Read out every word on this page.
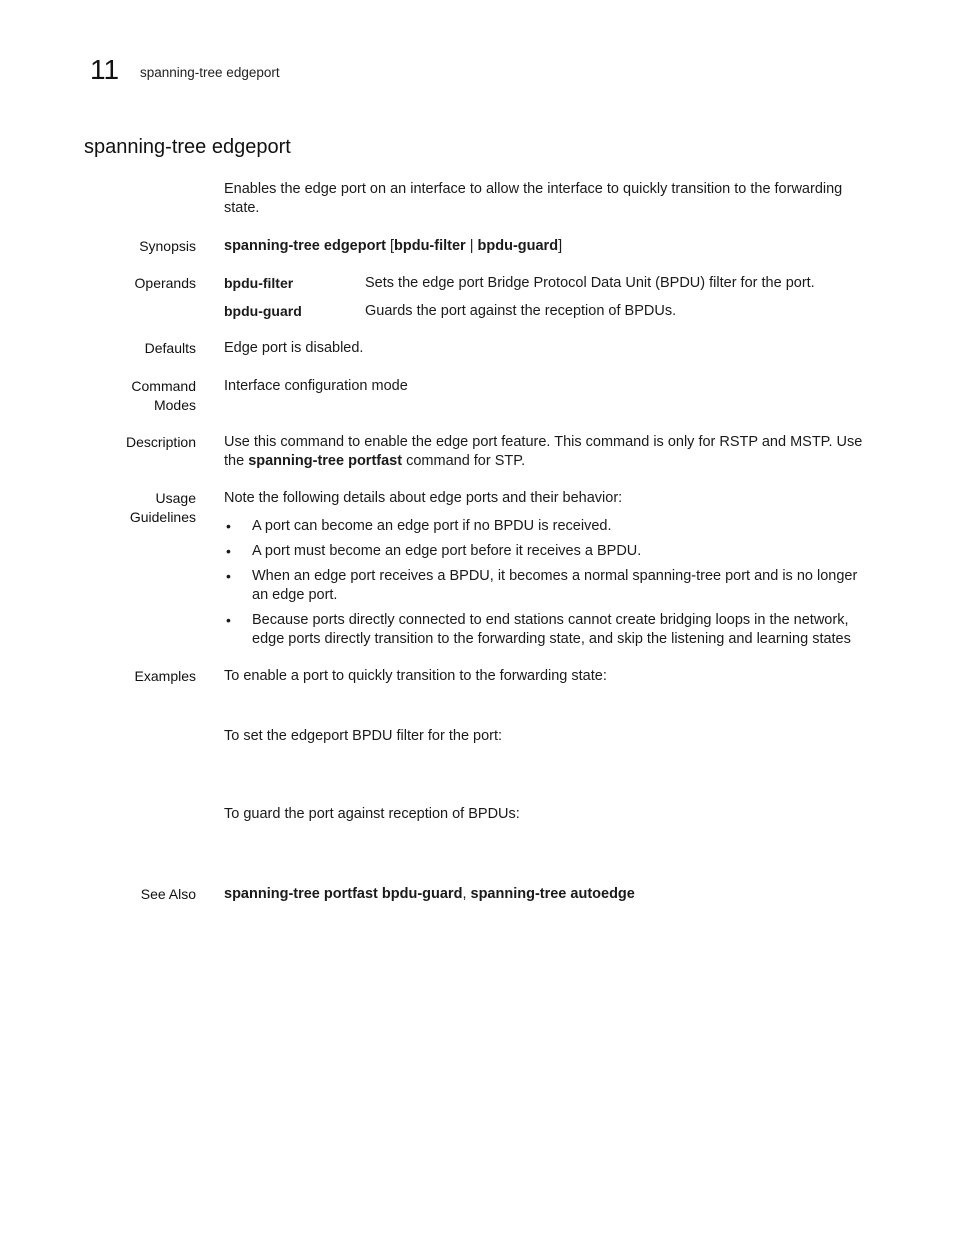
11 spanning-tree edgeport
spanning-tree edgeport
Enables the edge port on an interface to allow the interface to quickly transition to the forwarding state.
Synopsis spanning-tree edgeport [bpdu-filter | bpdu-guard]
Operands bpdu-filter	Sets the edge port Bridge Protocol Data Unit (BPDU) filter for the port.
bpdu-guard	Guards the port against the reception of BPDUs.
Defaults Edge port is disabled.
Command
Modes
Interface configuration mode
Description Use this command to enable the edge port feature. This command is only for RSTP and MSTP. Use
the spanning-tree portfast command for STP.
Usage
Guidelines
Note the following details about edge ports and their behavior:
• A port can become an edge port if no BPDU is received.
• A port must become an edge port before it receives a BPDU.
• When an edge port receives a BPDU, it becomes a normal spanning-tree port and is no longer an edge port.
• Because ports directly connected to end stations cannot create bridging loops in the network, edge ports directly transition to the forwarding state, and skip the listening and learning states
Examples To enable a port to quickly transition to the forwarding state:
To set the edgeport BPDU filter for the port:
To guard the port against reception of BPDUs:
See Also spanning-tree portfast bpdu-guard, spanning-tree autoedge
